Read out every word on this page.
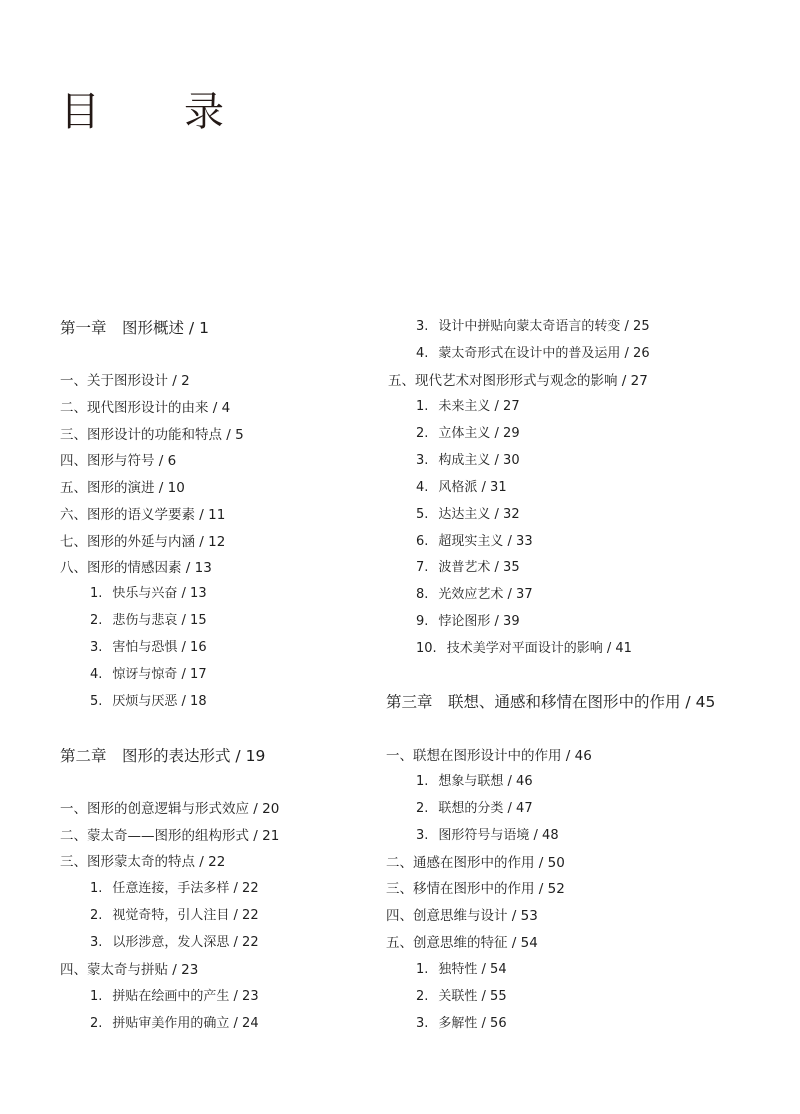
目　录
第一章　图形概述 / 1
一、关于图形设计 / 2
二、现代图形设计的由来 / 4
三、图形设计的功能和特点 / 5
四、图形与符号 / 6
五、图形的演进 / 10
六、图形的语义学要素 / 11
七、图形的外延与内涵 / 12
八、图形的情感因素 / 13
1. 快乐与兴奋 / 13
2. 悲伤与悲哀 / 15
3. 害怕与恐惧 / 16
4. 惊讶与惊奇 / 17
5. 厌烦与厌恶 / 18
第二章　图形的表达形式 / 19
一、图形的创意逻辑与形式效应 / 20
二、蒙太奇——图形的组构形式 / 21
三、图形蒙太奇的特点 / 22
1. 任意连接，手法多样 / 22
2. 视觉奇特，引人注目 / 22
3. 以形涉意，发人深思 / 22
四、蒙太奇与拼贴 / 23
1. 拼贴在绘画中的产生 / 23
2. 拼贴审美作用的确立 / 24
3. 设计中拼贴向蒙太奇语言的转变 / 25
4. 蒙太奇形式在设计中的普及运用 / 26
五、现代艺术对图形形式与观念的影响 / 27
1. 未来主义 / 27
2. 立体主义 / 29
3. 构成主义 / 30
4. 风格派 / 31
5. 达达主义 / 32
6. 超现实主义 / 33
7. 波普艺术 / 35
8. 光效应艺术 / 37
9. 悖论图形 / 39
10. 技术美学对平面设计的影响 / 41
第三章　联想、通感和移情在图形中的作用 / 45
一、联想在图形设计中的作用 / 46
1. 想象与联想 / 46
2. 联想的分类 / 47
3. 图形符号与语境 / 48
二、通感在图形中的作用 / 50
三、移情在图形中的作用 / 52
四、创意思维与设计 / 53
五、创意思维的特征 / 54
1. 独特性 / 54
2. 关联性 / 55
3. 多解性 / 56
